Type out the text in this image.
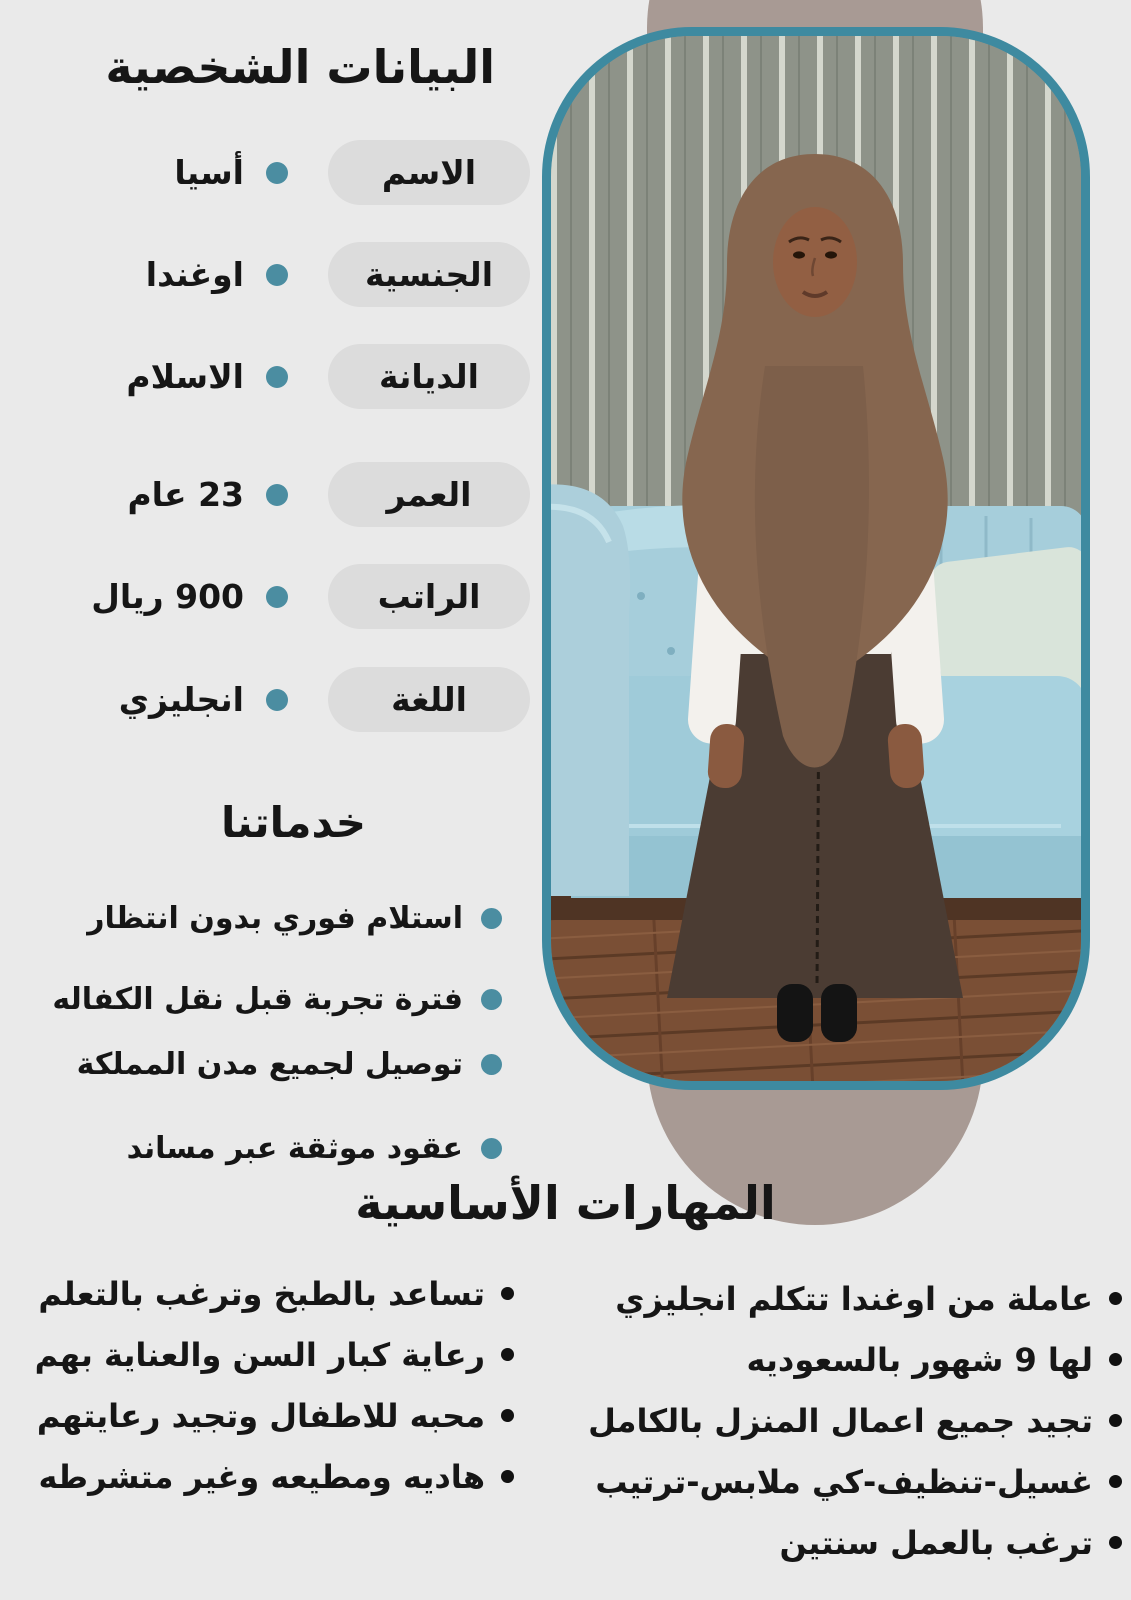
البيانات الشخصية
الاسم
أسيا
الجنسية
اوغندا
الديانة
الاسلام
العمر
23 عام
الراتب
900 ريال
اللغة
انجليزي
خدماتنا
استلام فوري بدون انتظار
فترة تجربة قبل نقل الكفاله
توصيل لجميع مدن المملكة
عقود موثقة عبر مساند
المهارات الأساسية
عاملة من اوغندا تتكلم انجليزي
لها 9 شهور بالسعوديه
تجيد جميع اعمال المنزل بالكامل
غسيل-تنظيف-كي ملابس-ترتيب
ترغب بالعمل سنتين
تساعد بالطبخ وترغب بالتعلم
رعاية كبار السن والعناية بهم
محبه للاطفال وتجيد رعايتهم
هاديه ومطيعه وغير متشرطه
